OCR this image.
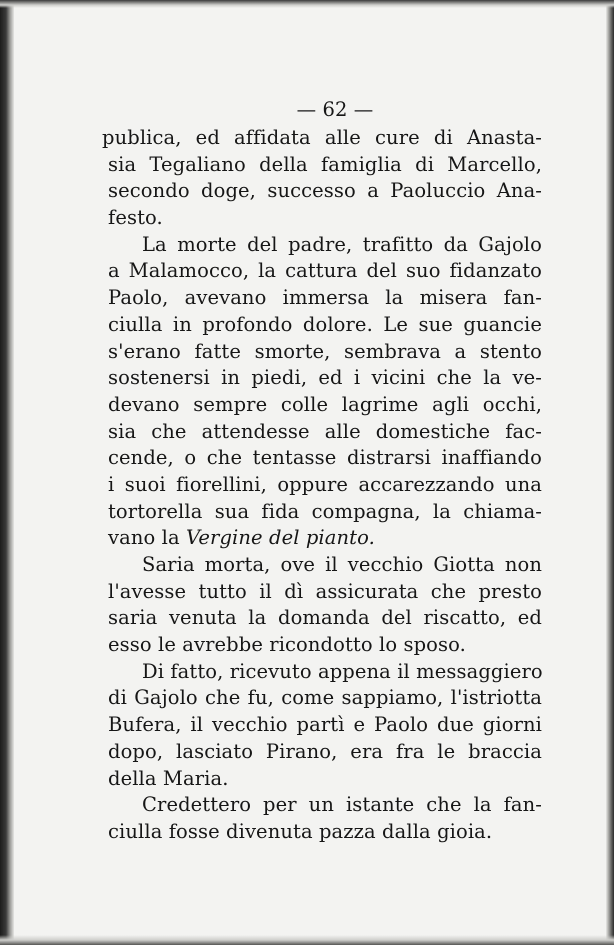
— 62 —
publica, ed affidata alle cure di Anasta-
sia Tegaliano della famiglia di Marcello,
secondo doge, successo a Paoluccio Ana-
festo.
La morte del padre, trafitto da Gajolo
a Malamocco, la cattura del suo fidanzato
Paolo, avevano immersa la misera fan-
ciulla in profondo dolore. Le sue guancie
s'erano fatte smorte, sembrava a stento
sostenersi in piedi, ed i vicini che la ve-
devano sempre colle lagrime agli occhi,
sia che attendesse alle domestiche fac-
cende, o che tentasse distrarsi inaffiando
i suoi fiorellini, oppure accarezzando una
tortorella sua fida compagna, la chiama-
vano la Vergine del pianto.
Saria morta, ove il vecchio Giotta non
l'avesse tutto il dì assicurata che presto
saria venuta la domanda del riscatto, ed
esso le avrebbe ricondotto lo sposo.
Di fatto, ricevuto appena il messaggiero
di Gajolo che fu, come sappiamo, l'istriotta
Bufera, il vecchio partì e Paolo due giorni
dopo, lasciato Pirano, era fra le braccia
della Maria.
Credettero per un istante che la fan-
ciulla fosse divenuta pazza dalla gioia.
